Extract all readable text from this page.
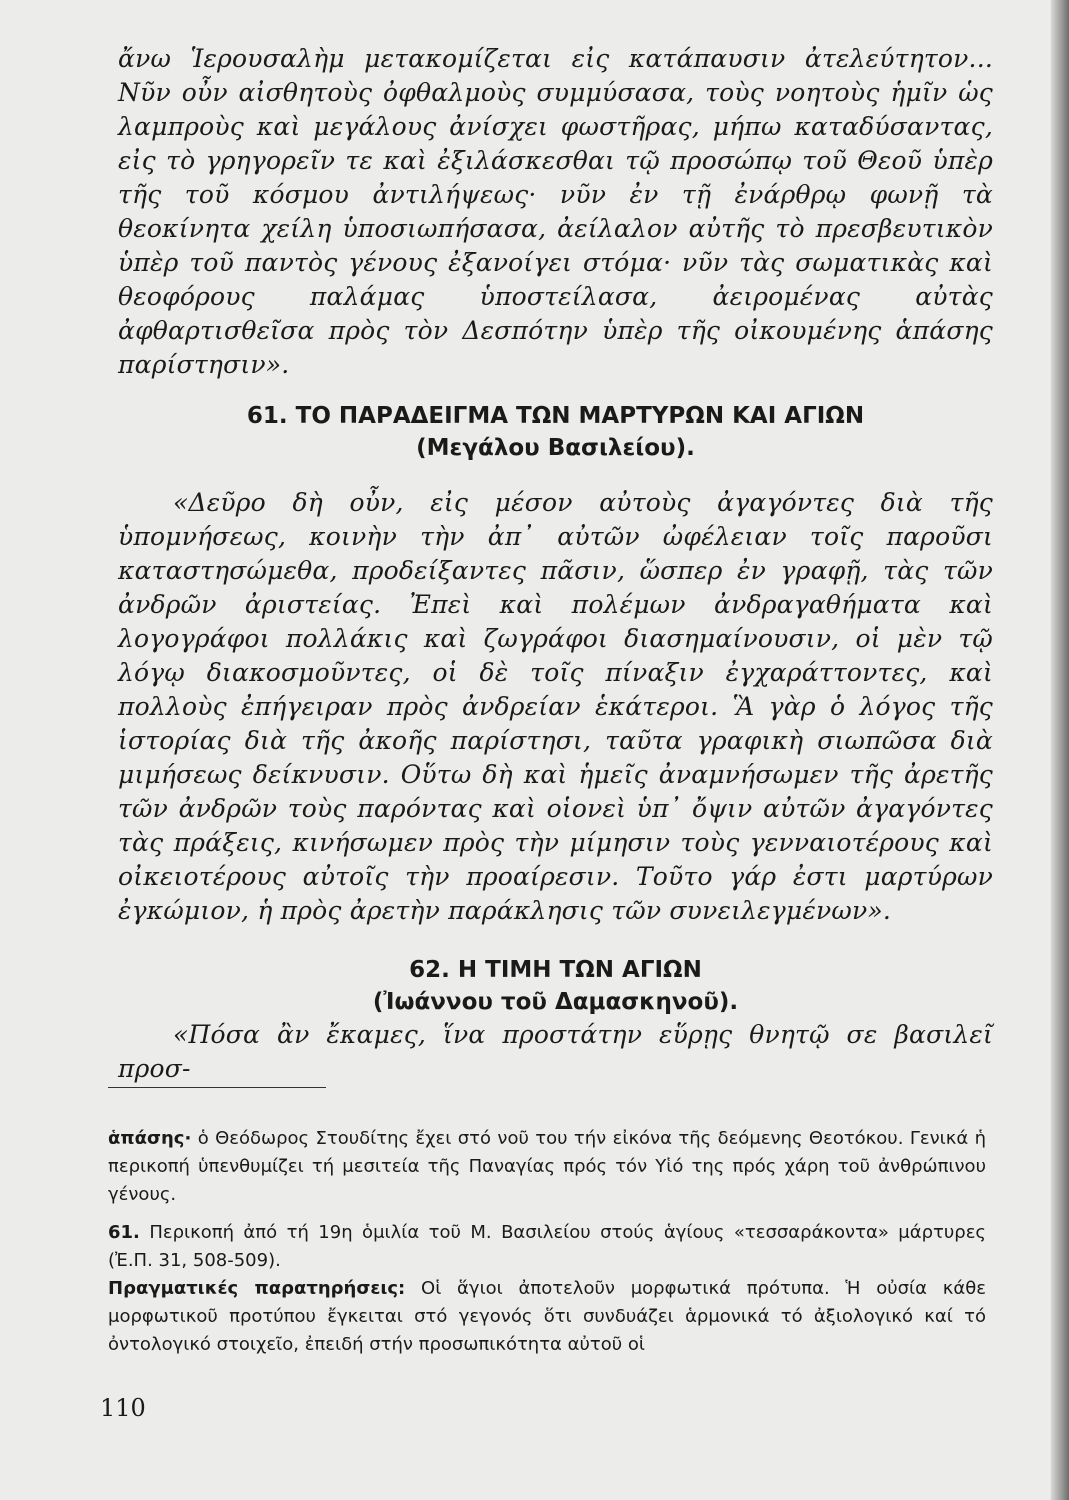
ἄνω Ἱερουσαλὴμ μετακομίζεται εἰς κατάπαυσιν ἀτελεύτητον... Νῦν οὖν αἰσθητοὺς ὀφθαλμοὺς συμμύσασα, τοὺς νοητοὺς ἡμῖν ὡς λαμπροὺς καὶ μεγάλους ἀνίσχει φωστῆρας, μήπω καταδύσαντας, εἰς τὸ γρηγορεῖν τε καὶ ἐξιλάσκεσθαι τῷ προσώπῳ τοῦ Θεοῦ ὑπὲρ τῆς τοῦ κόσμου ἀντιλήψεως· νῦν ἐν τῇ ἐνάρθρῳ φωνῇ τὰ θεοκίνητα χείλη ὑποσιωπήσασα, ἀείλαλον αὐτῆς τὸ πρεσβευτικὸν ὑπὲρ τοῦ παντὸς γένους ἐξανοίγει στόμα· νῦν τὰς σωματικὰς καὶ θεοφόρους παλάμας ὑποστείλασα, ἀειρομένας αὐτὰς ἀφθαρτισθεῖσα πρὸς τὸν Δεσπότην ὑπὲρ τῆς οἰκουμένης ἁπάσης παρίστησιν».

61. ΤΟ ΠΑΡΑΔΕΙΓΜΑ ΤΩΝ ΜΑΡΤΥΡΩΝ ΚΑΙ ΑΓΙΩΝ
(Μεγάλου Βασιλείου).

«Δεῦρο δὴ οὖν, εἰς μέσον αὐτοὺς ἀγαγόντες διὰ τῆς ὑπομνήσεως, κοινὴν τὴν ἀπ᾿ αὐτῶν ὠφέλειαν τοῖς παροῦσι καταστησώμεθα, προδείξαντες πᾶσιν, ὥσπερ ἐν γραφῇ, τὰς τῶν ἀνδρῶν ἀριστείας. Ἐπεὶ καὶ πολέμων ἀνδραγαθήματα καὶ λογογράφοι πολλάκις καὶ ζωγράφοι διασημαίνουσιν, οἱ μὲν τῷ λόγῳ διακοσμοῦντες, οἱ δὲ τοῖς πίναξιν ἐγχαράττοντες, καὶ πολλοὺς ἐπήγειραν πρὸς ἀνδρείαν ἑκάτεροι. Ἃ γὰρ ὁ λόγος τῆς ἱστορίας διὰ τῆς ἀκοῆς παρίστησι, ταῦτα γραφικὴ σιωπῶσα διὰ μιμήσεως δείκνυσιν. Οὕτω δὴ καὶ ἡμεῖς ἀναμνήσωμεν τῆς ἀρετῆς τῶν ἀνδρῶν τοὺς παρόντας καὶ οἱονεὶ ὑπ᾿ ὄψιν αὐτῶν ἀγαγόντες τὰς πράξεις, κινήσωμεν πρὸς τὴν μίμησιν τοὺς γενναιοτέρους καὶ οἰκειοτέρους αὐτοῖς τὴν προαίρεσιν. Τοῦτο γάρ ἐστι μαρτύρων ἐγκώμιον, ἡ πρὸς ἀρετὴν παράκλησις τῶν συνειλεγμένων».

62. Η ΤΙΜΗ ΤΩΝ ΑΓΙΩΝ
(Ἰωάννου τοῦ Δαμασκηνοῦ).

«Πόσα ἂν ἔκαμες, ἵνα προστάτην εὕρῃς θνητῷ σε βασιλεῖ προσ-

ἁπάσης· ὁ Θεόδωρος Στουδίτης ἔχει στό νοῦ του τήν εἰκόνα τῆς δεόμενης Θεοτόκου. Γενικά ἡ περικοπή ὑπενθυμίζει τή μεσιτεία τῆς Παναγίας πρός τόν Υἱό της πρός χάρη τοῦ ἀνθρώπινου γένους.

61. Περικοπή ἀπό τή 19η ὁμιλία τοῦ Μ. Βασιλείου στούς ἁγίους «τεσσαράκοντα» μάρτυρες (Ἐ.Π. 31, 508-509).

Πραγματικές παρατηρήσεις: Οἱ ἅγιοι ἀποτελοῦν μορφωτικά πρότυπα. Ἡ οὐσία κάθε μορφωτικοῦ προτύπου ἔγκειται στό γεγονός ὅτι συνδυάζει ἁρμονικά τό ἀξιολογικό καί τό ὀντολογικό στοιχεῖο, ἐπειδή στήν προσωπικότητα αὐτοῦ οἱ

110
